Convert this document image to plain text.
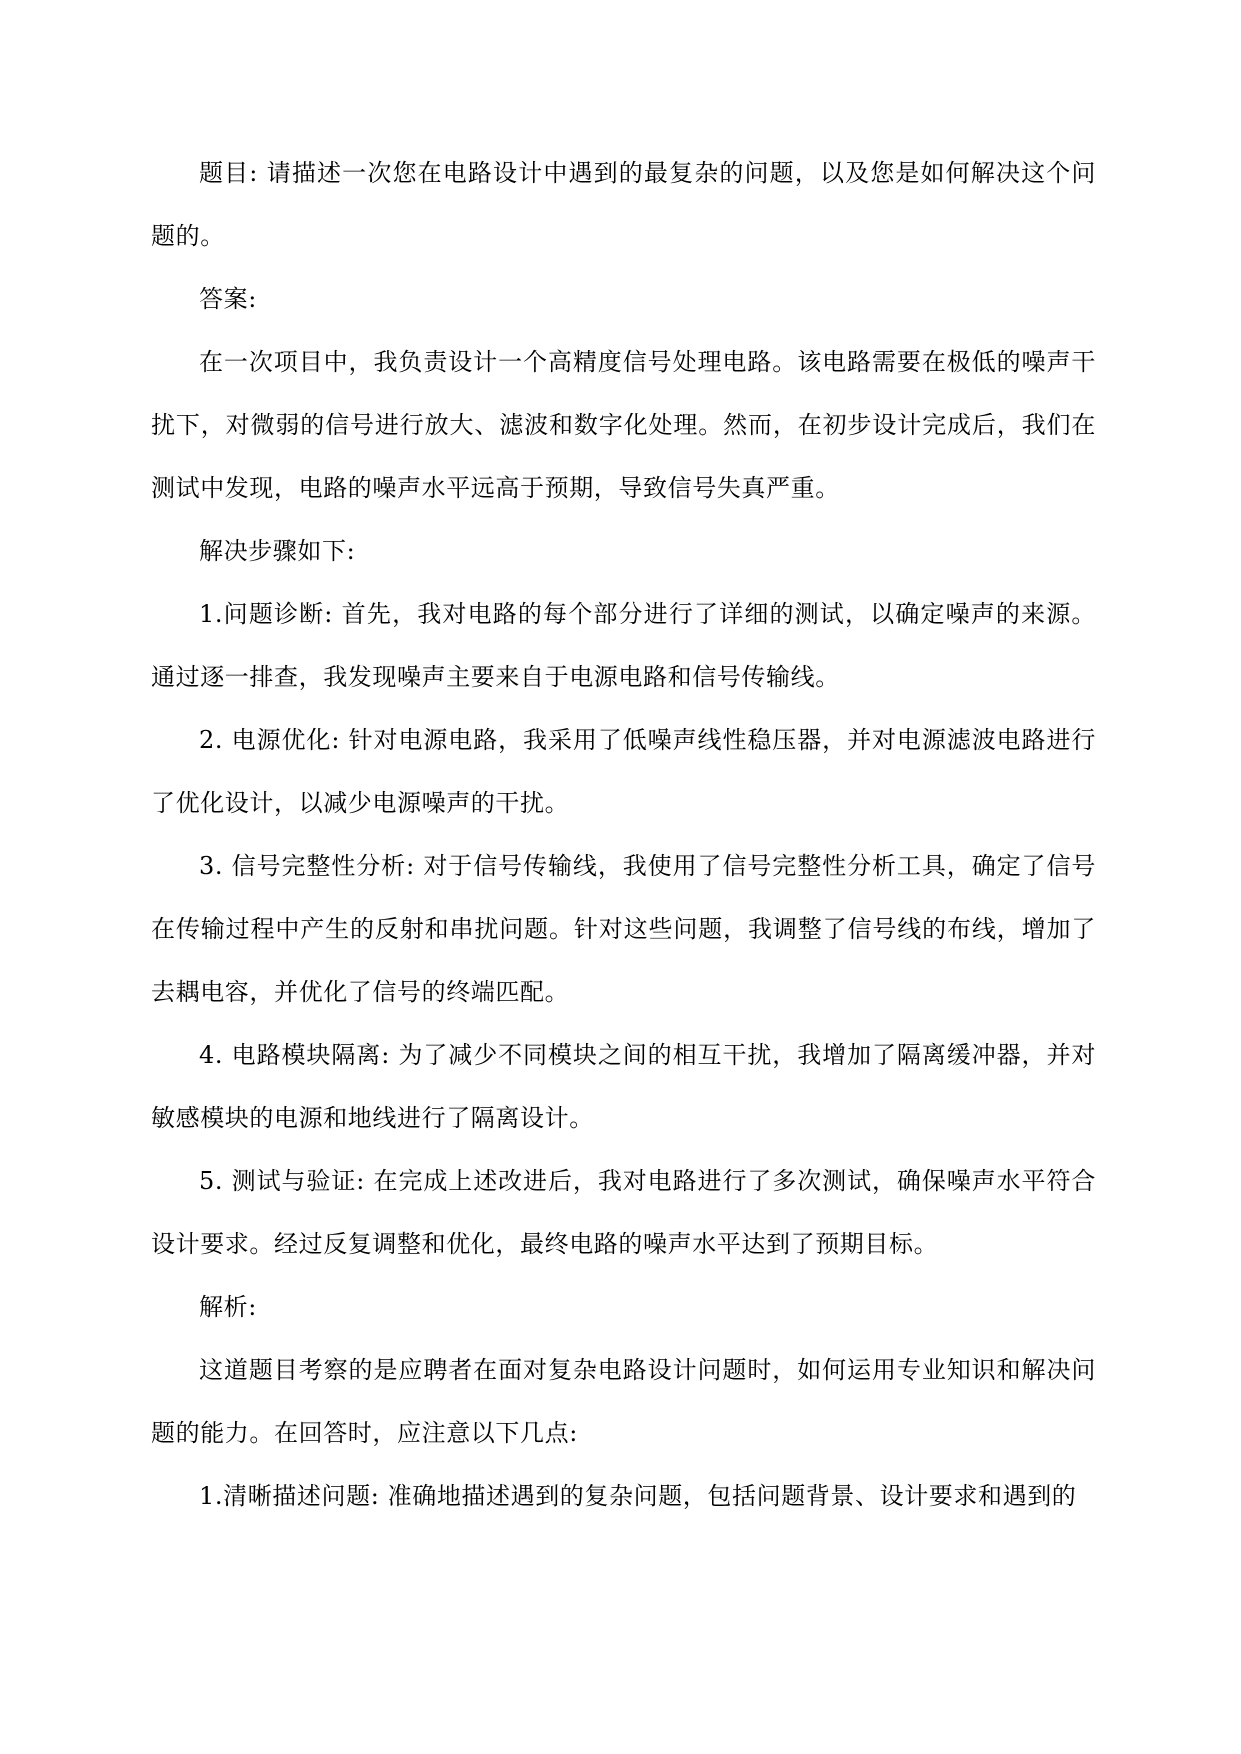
题目: 请描述一次您在电路设计中遇到的最复杂的问题，以及您是如何解决这个问题的。

答案:

在一次项目中，我负责设计一个高精度信号处理电路。该电路需要在极低的噪声干扰下，对微弱的信号进行放大、滤波和数字化处理。然而，在初步设计完成后，我们在测试中发现，电路的噪声水平远高于预期，导致信号失真严重。

解决步骤如下:

1.问题诊断: 首先，我对电路的每个部分进行了详细的测试，以确定噪声的来源。通过逐一排查，我发现噪声主要来自于电源电路和信号传输线。

2. 电源优化: 针对电源电路，我采用了低噪声线性稳压器，并对电源滤波电路进行了优化设计，以减少电源噪声的干扰。

3. 信号完整性分析: 对于信号传输线，我使用了信号完整性分析工具，确定了信号在传输过程中产生的反射和串扰问题。针对这些问题，我调整了信号线的布线，增加了去耦电容，并优化了信号的终端匹配。

4. 电路模块隔离: 为了减少不同模块之间的相互干扰，我增加了隔离缓冲器，并对敏感模块的电源和地线进行了隔离设计。

5. 测试与验证: 在完成上述改进后，我对电路进行了多次测试，确保噪声水平符合设计要求。经过反复调整和优化，最终电路的噪声水平达到了预期目标。

解析:

这道题目考察的是应聘者在面对复杂电路设计问题时，如何运用专业知识和解决问题的能力。在回答时，应注意以下几点:

1.清晰描述问题: 准确地描述遇到的复杂问题，包括问题背景、设计要求和遇到的
